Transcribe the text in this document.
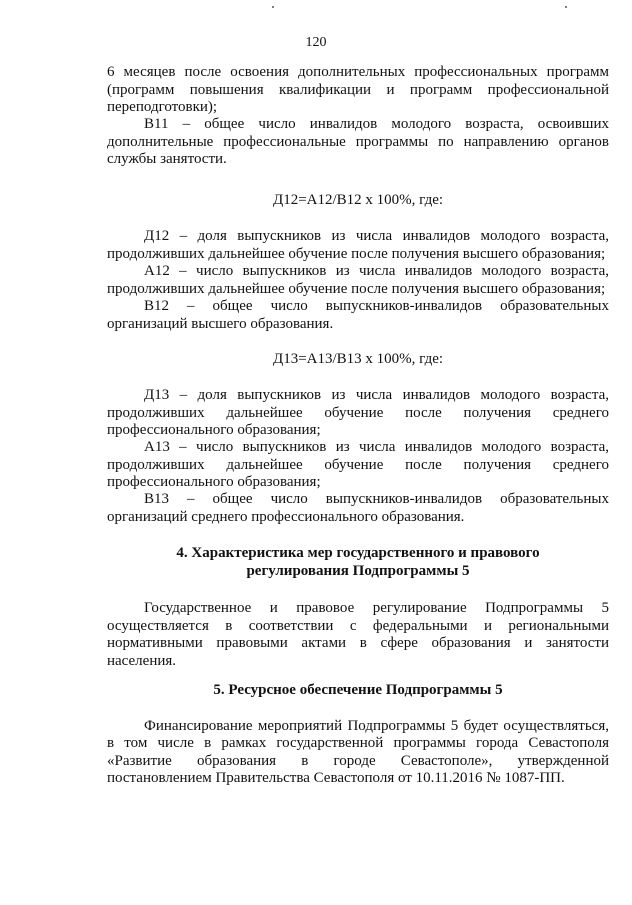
120

6 месяцев после освоения дополнительных профессиональных программ (программ повышения квалификации и программ профессиональной переподготовки);

В11 – общее число инвалидов молодого возраста, освоивших дополнительные профессиональные программы по направлению органов службы занятости.

Д12=А12/В12 x 100%, где:

Д12 – доля выпускников из числа инвалидов молодого возраста, продолживших дальнейшее обучение после получения высшего образования;

А12 – число выпускников из числа инвалидов молодого возраста, продолживших дальнейшее обучение после получения высшего образования;

В12 – общее число выпускников-инвалидов образовательных организаций высшего образования.

Д13=А13/В13 x 100%, где:

Д13 – доля выпускников из числа инвалидов молодого возраста, продолживших дальнейшее обучение после получения среднего профессионального образования;

А13 – число выпускников из числа инвалидов молодого возраста, продолживших дальнейшее обучение после получения среднего профессионального образования;

В13 – общее число выпускников-инвалидов образовательных организаций среднего профессионального образования.

4. Характеристика мер государственного и правового

регулирования Подпрограммы 5

Государственное и правовое регулирование Подпрограммы 5 осуществляется в соответствии с федеральными и региональными нормативными правовыми актами в сфере образования и занятости населения.

5. Ресурсное обеспечение Подпрограммы 5

Финансирование мероприятий Подпрограммы 5 будет осуществляться, в том числе в рамках государственной программы города Севастополя «Развитие образования в городе Севастополе», утвержденной постановлением Правительства Севастополя от 10.11.2016 № 1087-ПП.
